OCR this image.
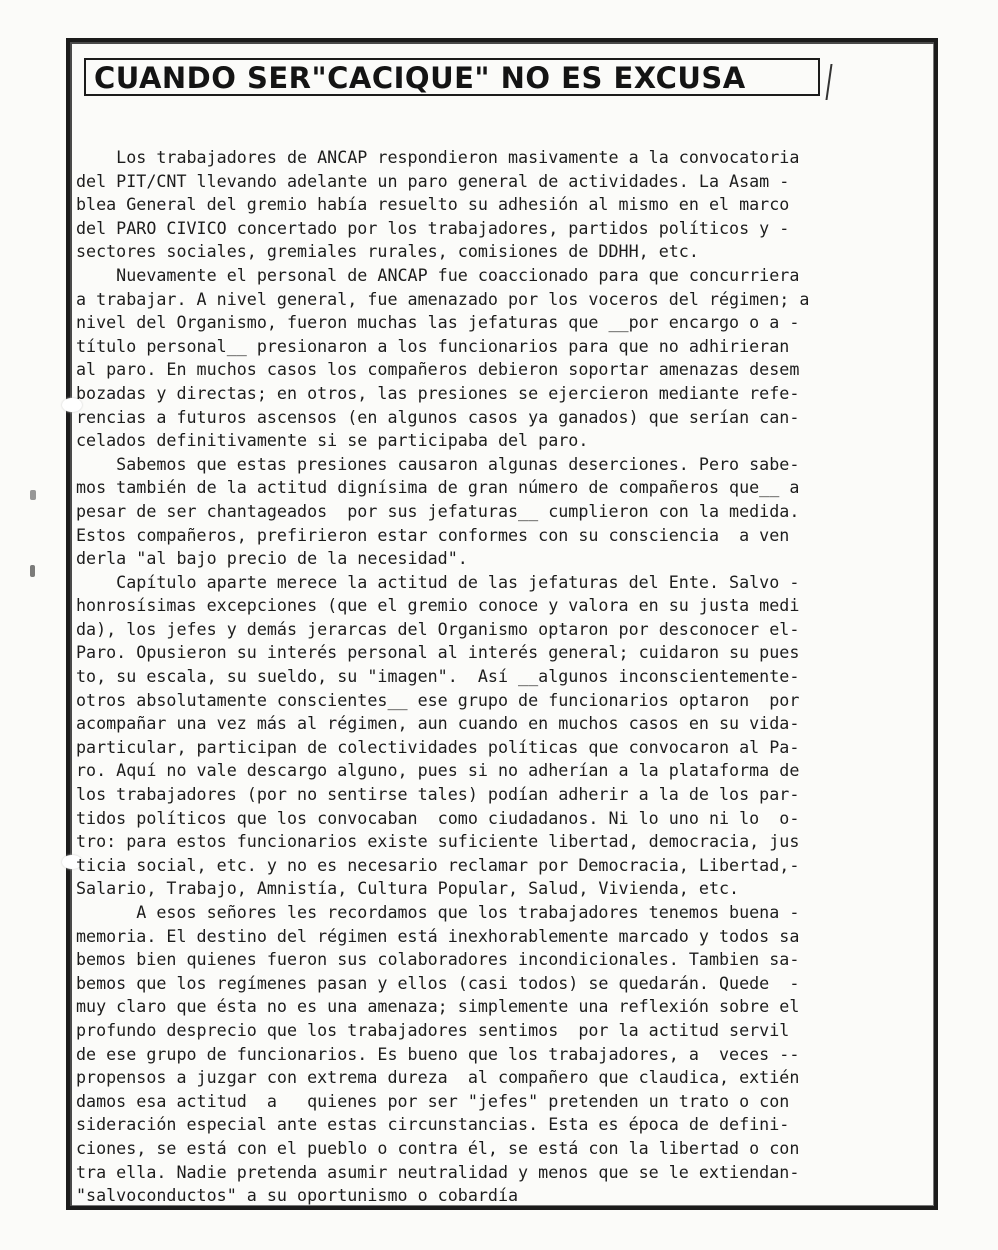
CUANDO SER"CACIQUE" NO ES EXCUSA
Los trabajadores de ANCAP respondieron masivamente a la convocatoria
del PIT/CNT llevando adelante un paro general de actividades. La Asam -
blea General del gremio había resuelto su adhesión al mismo en el marco
del PARO CIVICO concertado por los trabajadores, partidos políticos y -
sectores sociales, gremiales rurales, comisiones de DDHH, etc.
Nuevamente el personal de ANCAP fue coaccionado para que concurriera
a trabajar. A nivel general, fue amenazado por los voceros del régimen; a
nivel del Organismo, fueron muchas las jefaturas que __por encargo o a -
título personal__ presionaron a los funcionarios para que no adhirieran
al paro. En muchos casos los compañeros debieron soportar amenazas desem
bozadas y directas; en otros, las presiones se ejercieron mediante refe-
rencias a futuros ascensos (en algunos casos ya ganados) que serían can-
celados definitivamente si se participaba del paro.
Sabemos que estas presiones causaron algunas deserciones. Pero sabe-
mos también de la actitud dignísima de gran número de compañeros que__ a
pesar de ser chantageados  por sus jefaturas__ cumplieron con la medida.
Estos compañeros, prefirieron estar conformes con su consciencia  a ven
derla "al bajo precio de la necesidad".
Capítulo aparte merece la actitud de las jefaturas del Ente. Salvo -
honrosísimas excepciones (que el gremio conoce y valora en su justa medi
da), los jefes y demás jerarcas del Organismo optaron por desconocer el-
Paro. Opusieron su interés personal al interés general; cuidaron su pues
to, su escala, su sueldo, su "imagen".  Así __algunos inconscientemente-
otros absolutamente conscientes__ ese grupo de funcionarios optaron  por
acompañar una vez más al régimen, aun cuando en muchos casos en su vida-
particular, participan de colectividades políticas que convocaron al Pa-
ro. Aquí no vale descargo alguno, pues si no adherían a la plataforma de
los trabajadores (por no sentirse tales) podían adherir a la de los par-
tidos políticos que los convocaban  como ciudadanos. Ni lo uno ni lo  o-
tro: para estos funcionarios existe suficiente libertad, democracia, jus
ticia social, etc. y no es necesario reclamar por Democracia, Libertad,-
Salario, Trabajo, Amnistía, Cultura Popular, Salud, Vivienda, etc.
A esos señores les recordamos que los trabajadores tenemos buena -
memoria. El destino del régimen está inexhorablemente marcado y todos sa
bemos bien quienes fueron sus colaboradores incondicionales. Tambien sa-
bemos que los regímenes pasan y ellos (casi todos) se quedarán. Quede  -
muy claro que ésta no es una amenaza; simplemente una reflexión sobre el
profundo desprecio que los trabajadores sentimos  por la actitud servil
de ese grupo de funcionarios. Es bueno que los trabajadores, a  veces --
propensos a juzgar con extrema dureza  al compañero que claudica, extién
damos esa actitud  a   quienes por ser "jefes" pretenden un trato o con
sideración especial ante estas circunstancias. Esta es época de defini-
ciones, se está con el pueblo o contra él, se está con la libertad o con
tra ella. Nadie pretenda asumir neutralidad y menos que se le extiendan-
"salvoconductos" a su oportunismo o cobardía
